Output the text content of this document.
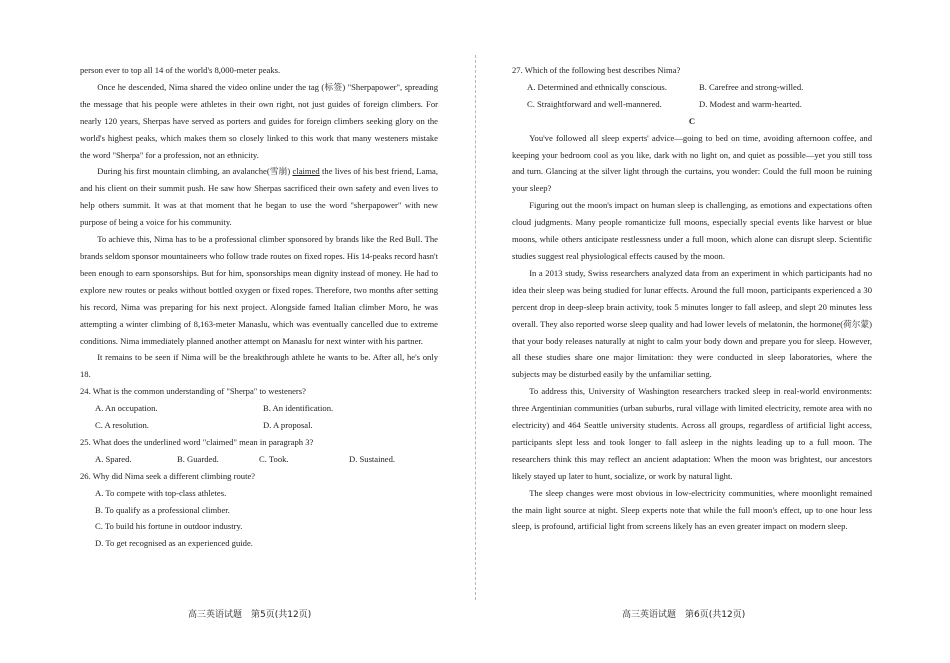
person ever to top all 14 of the world's 8,000-meter peaks.

Once he descended, Nima shared the video online under the tag (标签) "Sherpapower", spreading the message that his people were athletes in their own right, not just guides of foreign climbers. For nearly 120 years, Sherpas have served as porters and guides for foreign climbers seeking glory on the world's highest peaks, which makes them so closely linked to this work that many westeners mistake the word "Sherpa" for a profession, not an ethnicity.

During his first mountain climbing, an avalanche(雪崩) claimed the lives of his best friend, Lama, and his client on their summit push. He saw how Sherpas sacrificed their own safety and even lives to help others summit. It was at that moment that he began to use the word "sherpapower" with new purpose of being a voice for his community.

To achieve this, Nima has to be a professional climber sponsored by brands like the Red Bull. The brands seldom sponsor mountaineers who follow trade routes on fixed ropes. His 14-peaks record hasn't been enough to earn sponsorships. But for him, sponsorships mean dignity instead of money. He had to explore new routes or peaks without bottled oxygen or fixed ropes. Therefore, two months after setting his record, Nima was preparing for his next project. Alongside famed Italian climber Moro, he was attempting a winter climbing of 8,163-meter Manaslu, which was eventually cancelled due to extreme conditions. Nima immediately planned another attempt on Manaslu for next winter with his partner.

It remains to be seen if Nima will be the breakthrough athlete he wants to be. After all, he's only 18.

24. What is the common understanding of "Sherpa" to westeners?

A. An occupation.	B. An identification.
C. A resolution.	D. A proposal.

25. What does the underlined word "claimed" mean in paragraph 3?

A. Spared.	B. Guarded.	C. Took.	D. Sustained.

26. Why did Nima seek a different climbing route?

A. To compete with top-class athletes.
B. To qualify as a professional climber.
C. To build his fortune in outdoor industry.
D. To get recognised as an experienced guide.

27. Which of the following best describes Nima?

A. Determined and ethnically conscious.	B. Carefree and strong-willed.
C. Straightforward and well-mannered.	D. Modest and warm-hearted.

C

You've followed all sleep experts' advice—going to bed on time, avoiding afternoon coffee, and keeping your bedroom cool as you like, dark with no light on, and quiet as possible—yet you still toss and turn. Glancing at the silver light through the curtains, you wonder: Could the full moon be ruining your sleep?

Figuring out the moon's impact on human sleep is challenging, as emotions and expectations often cloud judgments. Many people romanticize full moons, especially special events like harvest or blue moons, while others anticipate restlessness under a full moon, which alone can disrupt sleep. Scientific studies suggest real physiological effects caused by the moon.

In a 2013 study, Swiss researchers analyzed data from an experiment in which participants had no idea their sleep was being studied for lunar effects. Around the full moon, participants experienced a 30 percent drop in deep-sleep brain activity, took 5 minutes longer to fall asleep, and slept 20 minutes less overall. They also reported worse sleep quality and had lower levels of melatonin, the hormone(荷尔蒙) that your body releases naturally at night to calm your body down and prepare you for sleep. However, all these studies share one major limitation: they were conducted in sleep laboratories, where the subjects may be disturbed easily by the unfamiliar setting.

To address this, University of Washington researchers tracked sleep in real-world environments: three Argentinian communities (urban suburbs, rural village with limited electricity, remote area with no electricity) and 464 Seattle university students. Across all groups, regardless of artificial light access, participants slept less and took longer to fall asleep in the nights leading up to a full moon. The researchers think this may reflect an ancient adaptation: When the moon was brightest, our ancestors likely stayed up later to hunt, socialize, or work by natural light.

The sleep changes were most obvious in low-electricity communities, where moonlight remained the main light source at night. Sleep experts note that while the full moon's effect, up to one hour less sleep, is profound, artificial light from screens likely has an even greater impact on modern sleep.

高三英语试题　第5页(共12页)	高三英语试题　第6页(共12页)
